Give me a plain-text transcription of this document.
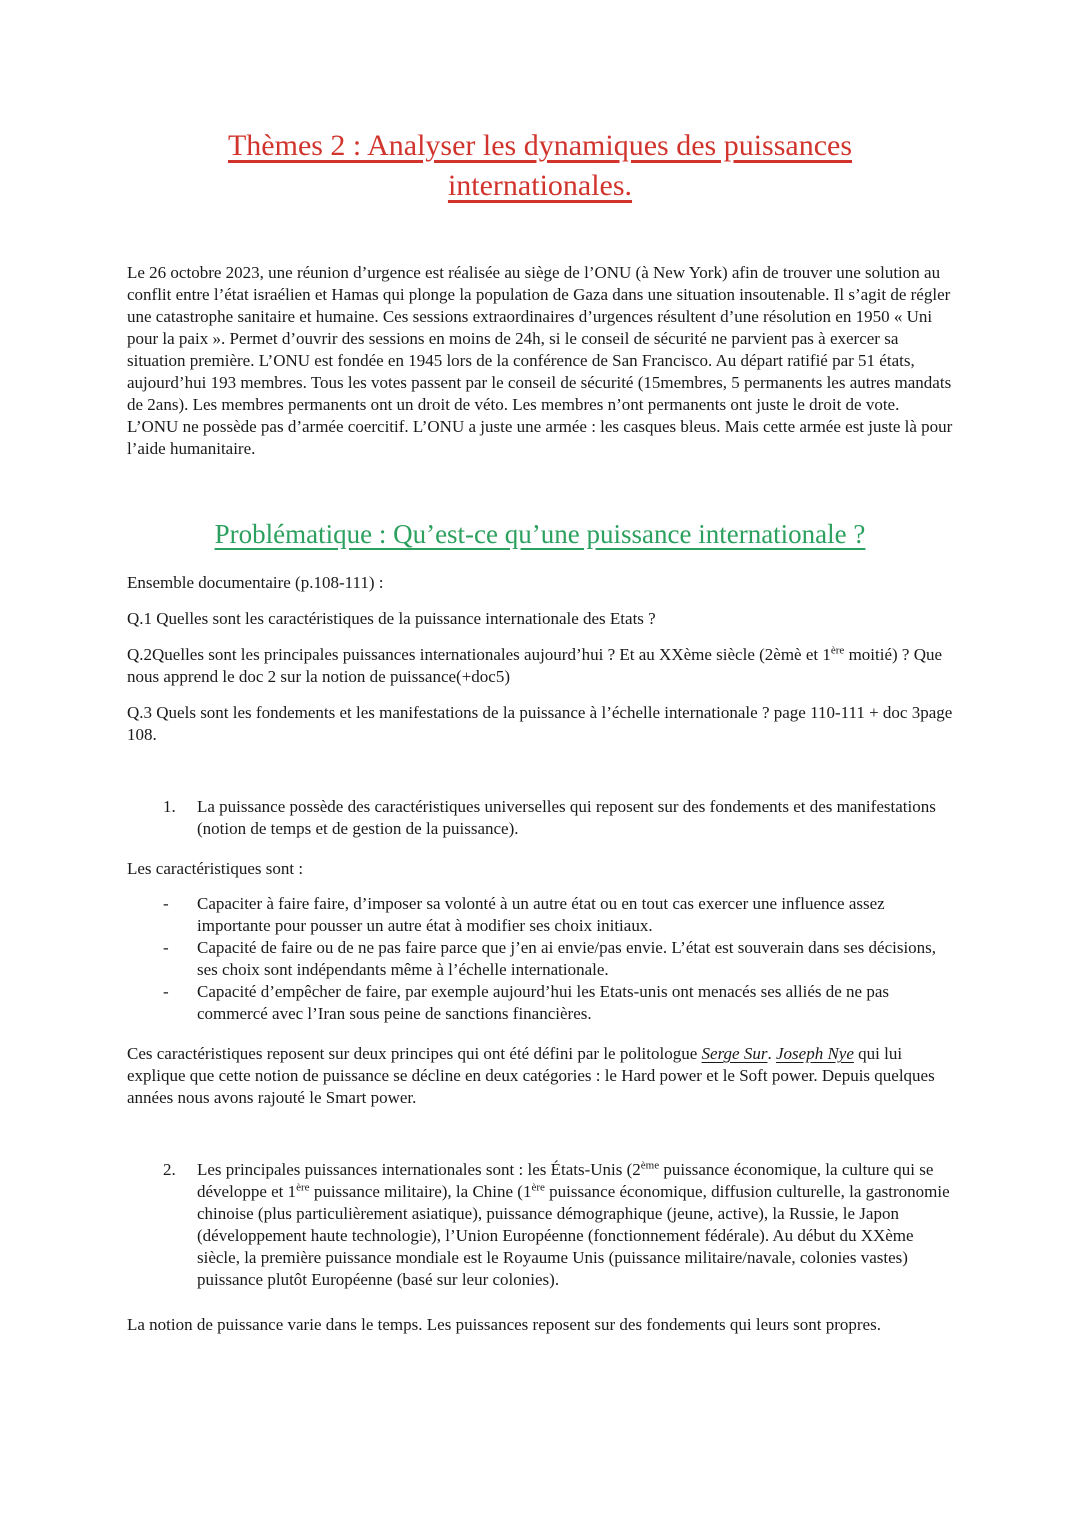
Thèmes 2 : Analyser les dynamiques des puissances internationales.

Le 26 octobre 2023, une réunion d’urgence est réalisée au siège de l’ONU (à New York) afin de trouver une solution au conflit entre l’état israélien et Hamas qui plonge la population de Gaza dans une situation insoutenable. Il s’agit de régler une catastrophe sanitaire et humaine. Ces sessions extraordinaires d’urgences résultent d’une résolution en 1950 « Uni pour la paix ». Permet d’ouvrir des sessions en moins de 24h, si le conseil de sécurité ne parvient pas à exercer sa situation première. L’ONU est fondée en 1945 lors de la conférence de San Francisco. Au départ ratifié par 51 états, aujourd’hui 193 membres. Tous les votes passent par le conseil de sécurité (15membres, 5 permanents les autres mandats de 2ans). Les membres permanents ont un droit de véto. Les membres n’ont permanents ont juste le droit de vote. L’ONU ne possède pas d’armée coercitif. L’ONU a juste une armée : les casques bleus. Mais cette armée est juste là pour l’aide humanitaire.

Problématique : Qu’est-ce qu’une puissance internationale ?

Ensemble documentaire (p.108-111) :

Q.1 Quelles sont les caractéristiques de la puissance internationale des Etats ?

Q.2Quelles sont les principales puissances internationales aujourd’hui ? Et au XXème siècle (2èmè et 1ère moitié) ? Que nous apprend le doc 2 sur la notion de puissance(+doc5)

Q.3 Quels sont les fondements et les manifestations de la puissance à l’échelle internationale ? page 110-111 + doc 3page 108.

1.	La puissance possède des caractéristiques universelles qui reposent sur des fondements et des manifestations (notion de temps et de gestion de la puissance).

Les caractéristiques sont :

-	Capaciter à faire faire, d’imposer sa volonté à un autre état ou en tout cas exercer une influence assez importante pour pousser un autre état à modifier ses choix initiaux.
-	Capacité de faire ou de ne pas faire parce que j’en ai envie/pas envie. L’état est souverain dans ses décisions, ses choix sont indépendants même à l’échelle internationale.
-	Capacité d’empêcher de faire, par exemple aujourd’hui les Etats-unis ont menacés ses alliés de ne pas commercé avec l’Iran sous peine de sanctions financières.

Ces caractéristiques reposent sur deux principes qui ont été défini par le politologue Serge Sur. Joseph Nye qui lui explique que cette notion de puissance se décline en deux catégories : le Hard power et le Soft power. Depuis quelques années nous avons rajouté le Smart power.

2.	Les principales puissances internationales sont : les États-Unis (2ème puissance économique, la culture qui se développe et 1ère puissance militaire), la Chine (1ère puissance économique, diffusion culturelle, la gastronomie chinoise (plus particulièrement asiatique), puissance démographique (jeune, active), la Russie, le Japon (développement haute technologie), l’Union Européenne (fonctionnement fédérale). Au début du XXème siècle, la première puissance mondiale est le Royaume Unis (puissance militaire/navale, colonies vastes) puissance plutôt Européenne (basé sur leur colonies).

La notion de puissance varie dans le temps. Les puissances reposent sur des fondements qui leurs sont propres.
